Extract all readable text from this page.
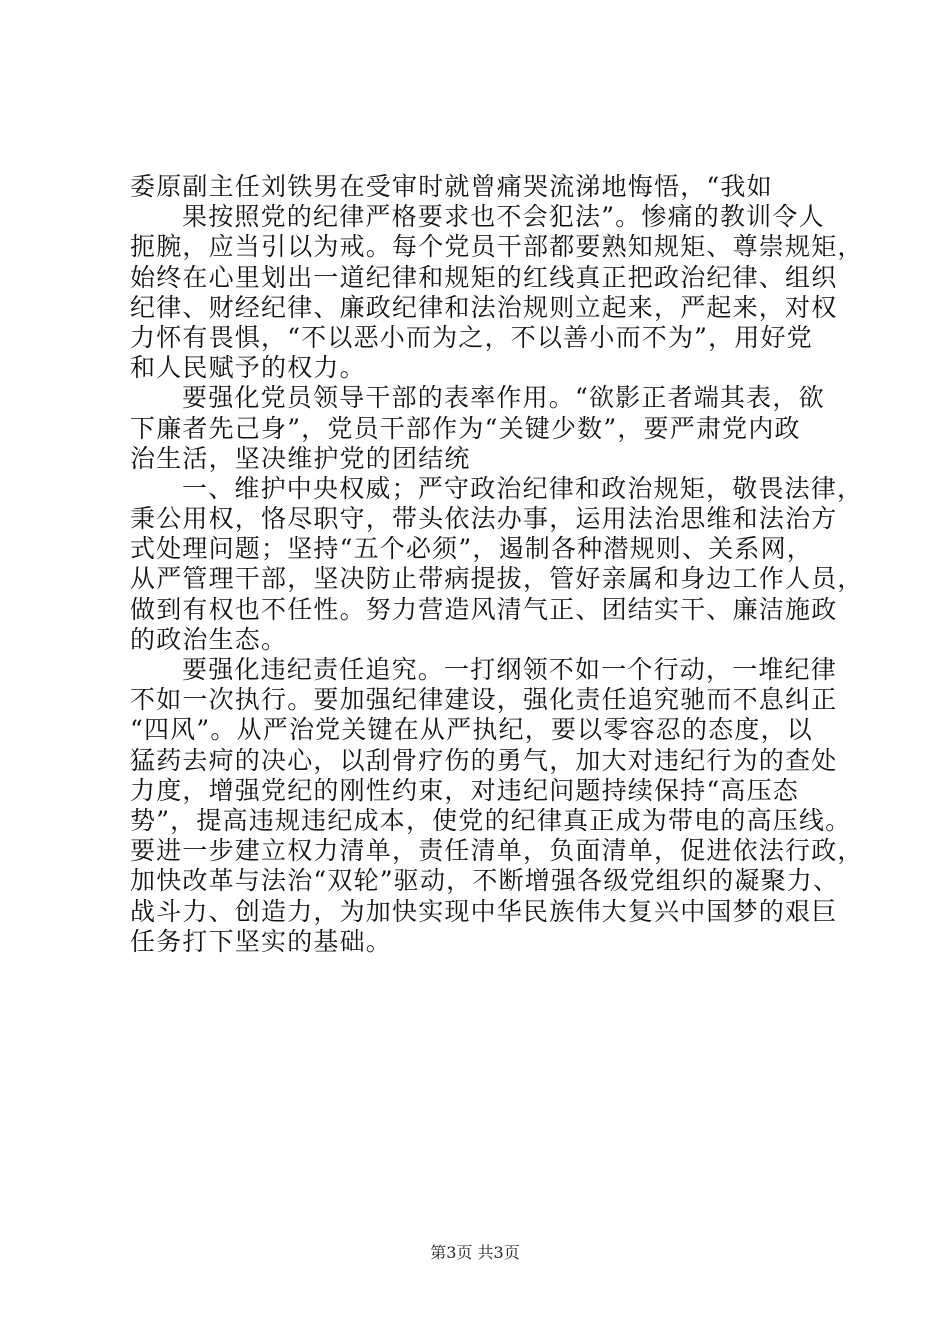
委原副主任刘铁男在受审时就曾痛哭流涕地悔悟，“我如
果按照党的纪律严格要求也不会犯法”。惨痛的教训令人
扼腕，应当引以为戒。每个党员干部都要熟知规矩、尊崇规矩，
始终在心里划出一道纪律和规矩的红线真正把政治纪律、组织
纪律、财经纪律、廉政纪律和法治规则立起来，严起来，对权
力怀有畏惧，“不以恶小而为之，不以善小而不为”，用好党
和人民赋予的权力。
要强化党员领导干部的表率作用。“欲影正者端其表，欲
下廉者先己身”，党员干部作为“关键少数”，要严肃党内政
治生活，坚决维护党的团结统
一、维护中央权威；严守政治纪律和政治规矩，敬畏法律，
秉公用权，恪尽职守，带头依法办事，运用法治思维和法治方
式处理问题；坚持“五个必须”，遏制各种潜规则、关系网，
从严管理干部，坚决防止带病提拔，管好亲属和身边工作人员，
做到有权也不任性。努力营造风清气正、团结实干、廉洁施政
的政治生态。
要强化违纪责任追究。一打纲领不如一个行动，一堆纪律
不如一次执行。要加强纪律建设，强化责任追究驰而不息纠正
“四风”。从严治党关键在从严执纪，要以零容忍的态度，以
猛药去疴的决心，以刮骨疗伤的勇气，加大对违纪行为的查处
力度，增强党纪的刚性约束，对违纪问题持续保持“高压态
势”，提高违规违纪成本，使党的纪律真正成为带电的高压线。
要进一步建立权力清单，责任清单，负面清单，促进依法行政，
加快改革与法治“双轮”驱动，不断增强各级党组织的凝聚力、
战斗力、创造力，为加快实现中华民族伟大复兴中国梦的艰巨
任务打下坚实的基础。
第3页 共3页
